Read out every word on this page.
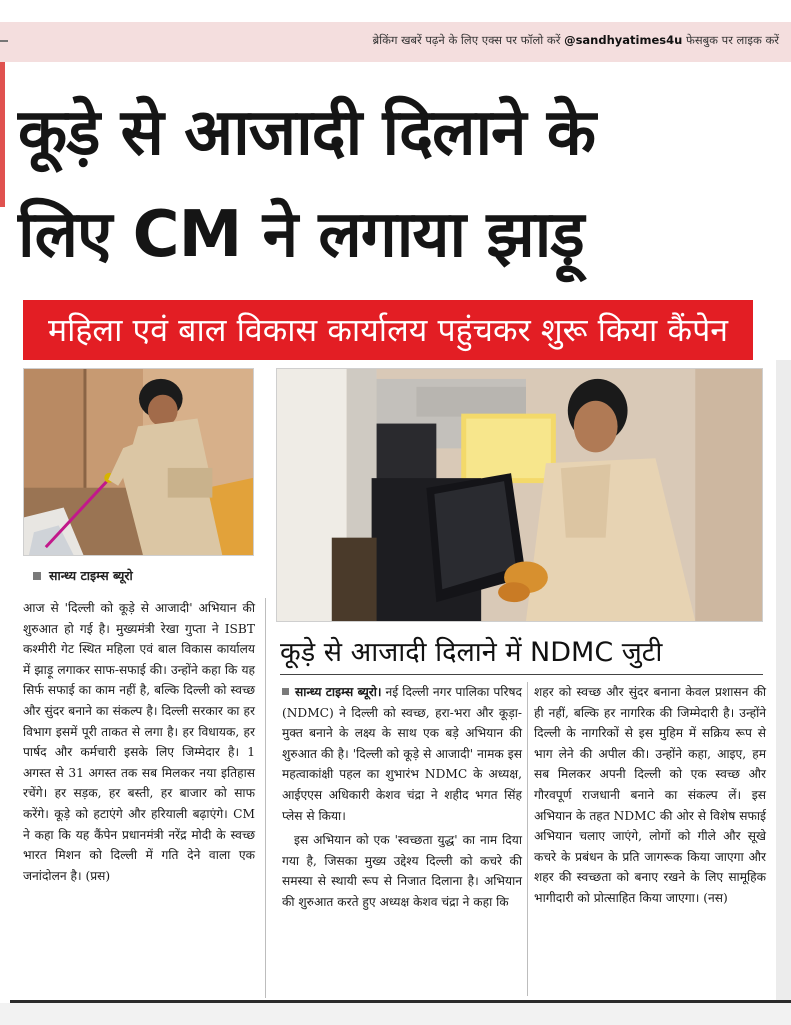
ब्रेकिंग खबरें पढ़ने के लिए एक्स पर फॉलो करें @sandhyatimes4u फेसबुक पर लाइक करें
कूड़े से आजादी दिलाने के
लिए CM ने लगाया झाड़ू
महिला एवं बाल विकास कार्यालय पहुंचकर शुरू किया कैंपेन
सान्ध्य टाइम्स ब्यूरो

आज से 'दिल्ली को कूड़े से आजादी' अभियान की शुरुआत हो गई है। मुख्यमंत्री रेखा गुप्ता ने ISBT कश्मीरी गेट स्थित महिला एवं बाल विकास कार्यालय में झाड़ू लगाकर साफ-सफाई की। उन्होंने कहा कि यह सिर्फ सफाई का काम नहीं है, बल्कि दिल्ली को स्वच्छ और सुंदर बनाने का संकल्प है। दिल्ली सरकार का हर विभाग इसमें पूरी ताकत से लगा है। हर विधायक, हर पार्षद और कर्मचारी इसके लिए जिम्मेदार है। 1 अगस्त से 31 अगस्त तक सब मिलकर नया इतिहास रचेंगे। हर सड़क, हर बस्ती, हर बाजार को साफ करेंगे। कूड़े को हटाएंगे और हरियाली बढ़ाएंगे। CM ने कहा कि यह कैंपेन प्रधानमंत्री नरेंद्र मोदी के स्वच्छ भारत मिशन को दिल्ली में गति देने वाला एक जनांदोलन है। (प्रस)

कूड़े से आजादी दिलाने में NDMC जुटी

सान्ध्य टाइम्स ब्यूरो। नई दिल्ली नगर पालिका परिषद (NDMC) ने दिल्ली को स्वच्छ, हरा-भरा और कूड़ा-मुक्त बनाने के लक्ष्य के साथ एक बड़े अभियान की शुरुआत की है। 'दिल्ली को कूड़े से आजादी' नामक इस महत्वाकांक्षी पहल का शुभारंभ NDMC के अध्यक्ष, आईएएस अधिकारी केशव चंद्रा ने शहीद भगत सिंह प्लेस से किया।

इस अभियान को एक 'स्वच्छता युद्ध' का नाम दिया गया है, जिसका मुख्य उद्देश्य दिल्ली को कचरे की समस्या से स्थायी रूप से निजात दिलाना है। अभियान की शुरुआत करते हुए अध्यक्ष केशव चंद्रा ने कहा कि

शहर को स्वच्छ और सुंदर बनाना केवल प्रशासन की ही नहीं, बल्कि हर नागरिक की जिम्मेदारी है। उन्होंने दिल्ली के नागरिकों से इस मुहिम में सक्रिय रूप से भाग लेने की अपील की। उन्होंने कहा, आइए, हम सब मिलकर अपनी दिल्ली को एक स्वच्छ और गौरवपूर्ण राजधानी बनाने का संकल्प लें। इस अभियान के तहत NDMC की ओर से विशेष सफाई अभियान चलाए जाएंगे, लोगों को गीले और सूखे कचरे के प्रबंधन के प्रति जागरूक किया जाएगा और शहर की स्वच्छता को बनाए रखने के लिए सामूहिक भागीदारी को प्रोत्साहित किया जाएगा। (नस)
